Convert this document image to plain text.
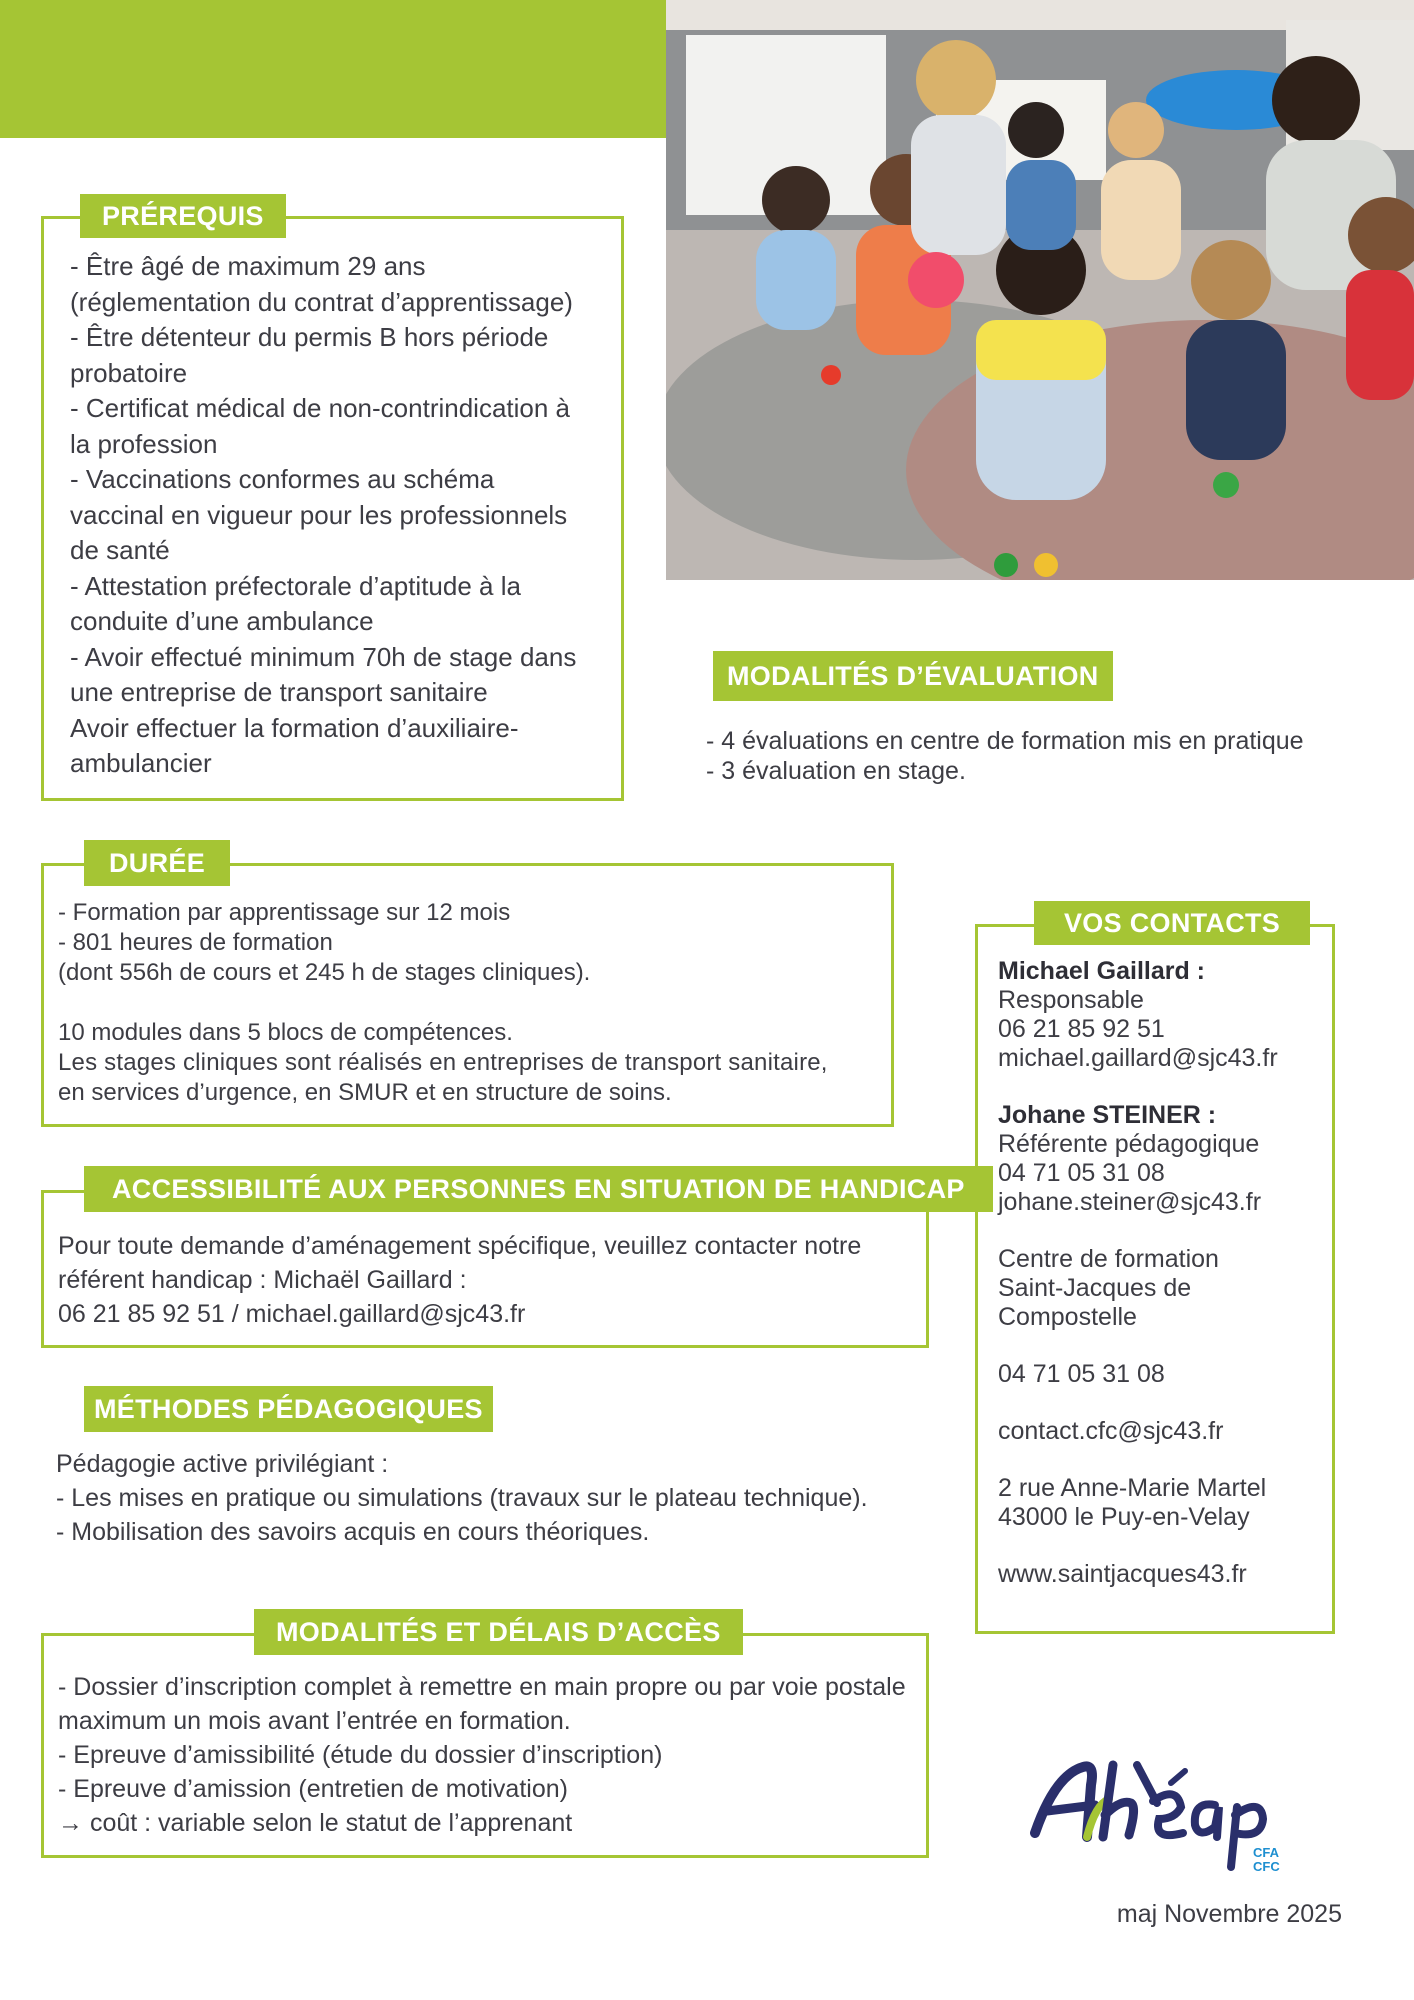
- Être âgé de maximum 29 ans

(réglementation du contrat d’apprentissage)

- Être détenteur du permis B hors période

probatoire

- Certificat médical de non-contrindication à

la profession

- Vaccinations conformes au schéma

vaccinal en vigueur pour les professionnels

de santé

- Attestation préfectorale d’aptitude à la

conduite d’une ambulance

- Avoir effectué minimum 70h de stage dans

une entreprise de transport sanitaire

Avoir effectuer la formation d’auxiliaire-

ambulancier

PRÉREQUIS
MODALITÉS D’ÉVALUATION

- 4 évaluations en centre de formation mis en pratique

- 3 évaluation en stage.

- Formation par apprentissage sur 12 mois

- 801 heures de formation

(dont 556h de cours et 245 h de stages cliniques).

10 modules dans 5 blocs de compétences.

Les stages cliniques sont réalisés en entreprises de transport sanitaire,

en services d’urgence, en SMUR et en structure de soins.

DURÉE

Pour toute demande d’aménagement spécifique, veuillez contacter notre

référent handicap : Michaël Gaillard :

06 21 85 92 51 / michael.gaillard@sjc43.fr

ACCESSIBILITÉ AUX PERSONNES EN SITUATION DE HANDICAP
MÉTHODES PÉDAGOGIQUES

Pédagogie active privilégiant :

- Les mises en pratique ou simulations (travaux sur le plateau technique).

- Mobilisation des savoirs acquis en cours théoriques.

- Dossier d’inscription complet à remettre en main propre ou par voie postale

maximum un mois avant l’entrée en formation.

- Epreuve d’amissibilité (étude du dossier d’inscription)

- Epreuve d’amission (entretien de motivation)

→ coût : variable selon le statut de l’apprenant

MODALITÉS ET DÉLAIS D’ACCÈS

Michael Gaillard :

Responsable

06 21 85 92 51

michael.gaillard@sjc43.fr

Johane STEINER :

Référente pédagogique

04 71 05 31 08

johane.steiner@sjc43.fr

Centre de formation

Saint-Jacques de

Compostelle

04 71 05 31 08

contact.cfc@sjc43.fr

2 rue Anne-Marie Martel

43000 le Puy-en-Velay

www.saintjacques43.fr

VOS CONTACTS
CFA
CFC
maj Novembre 2025
